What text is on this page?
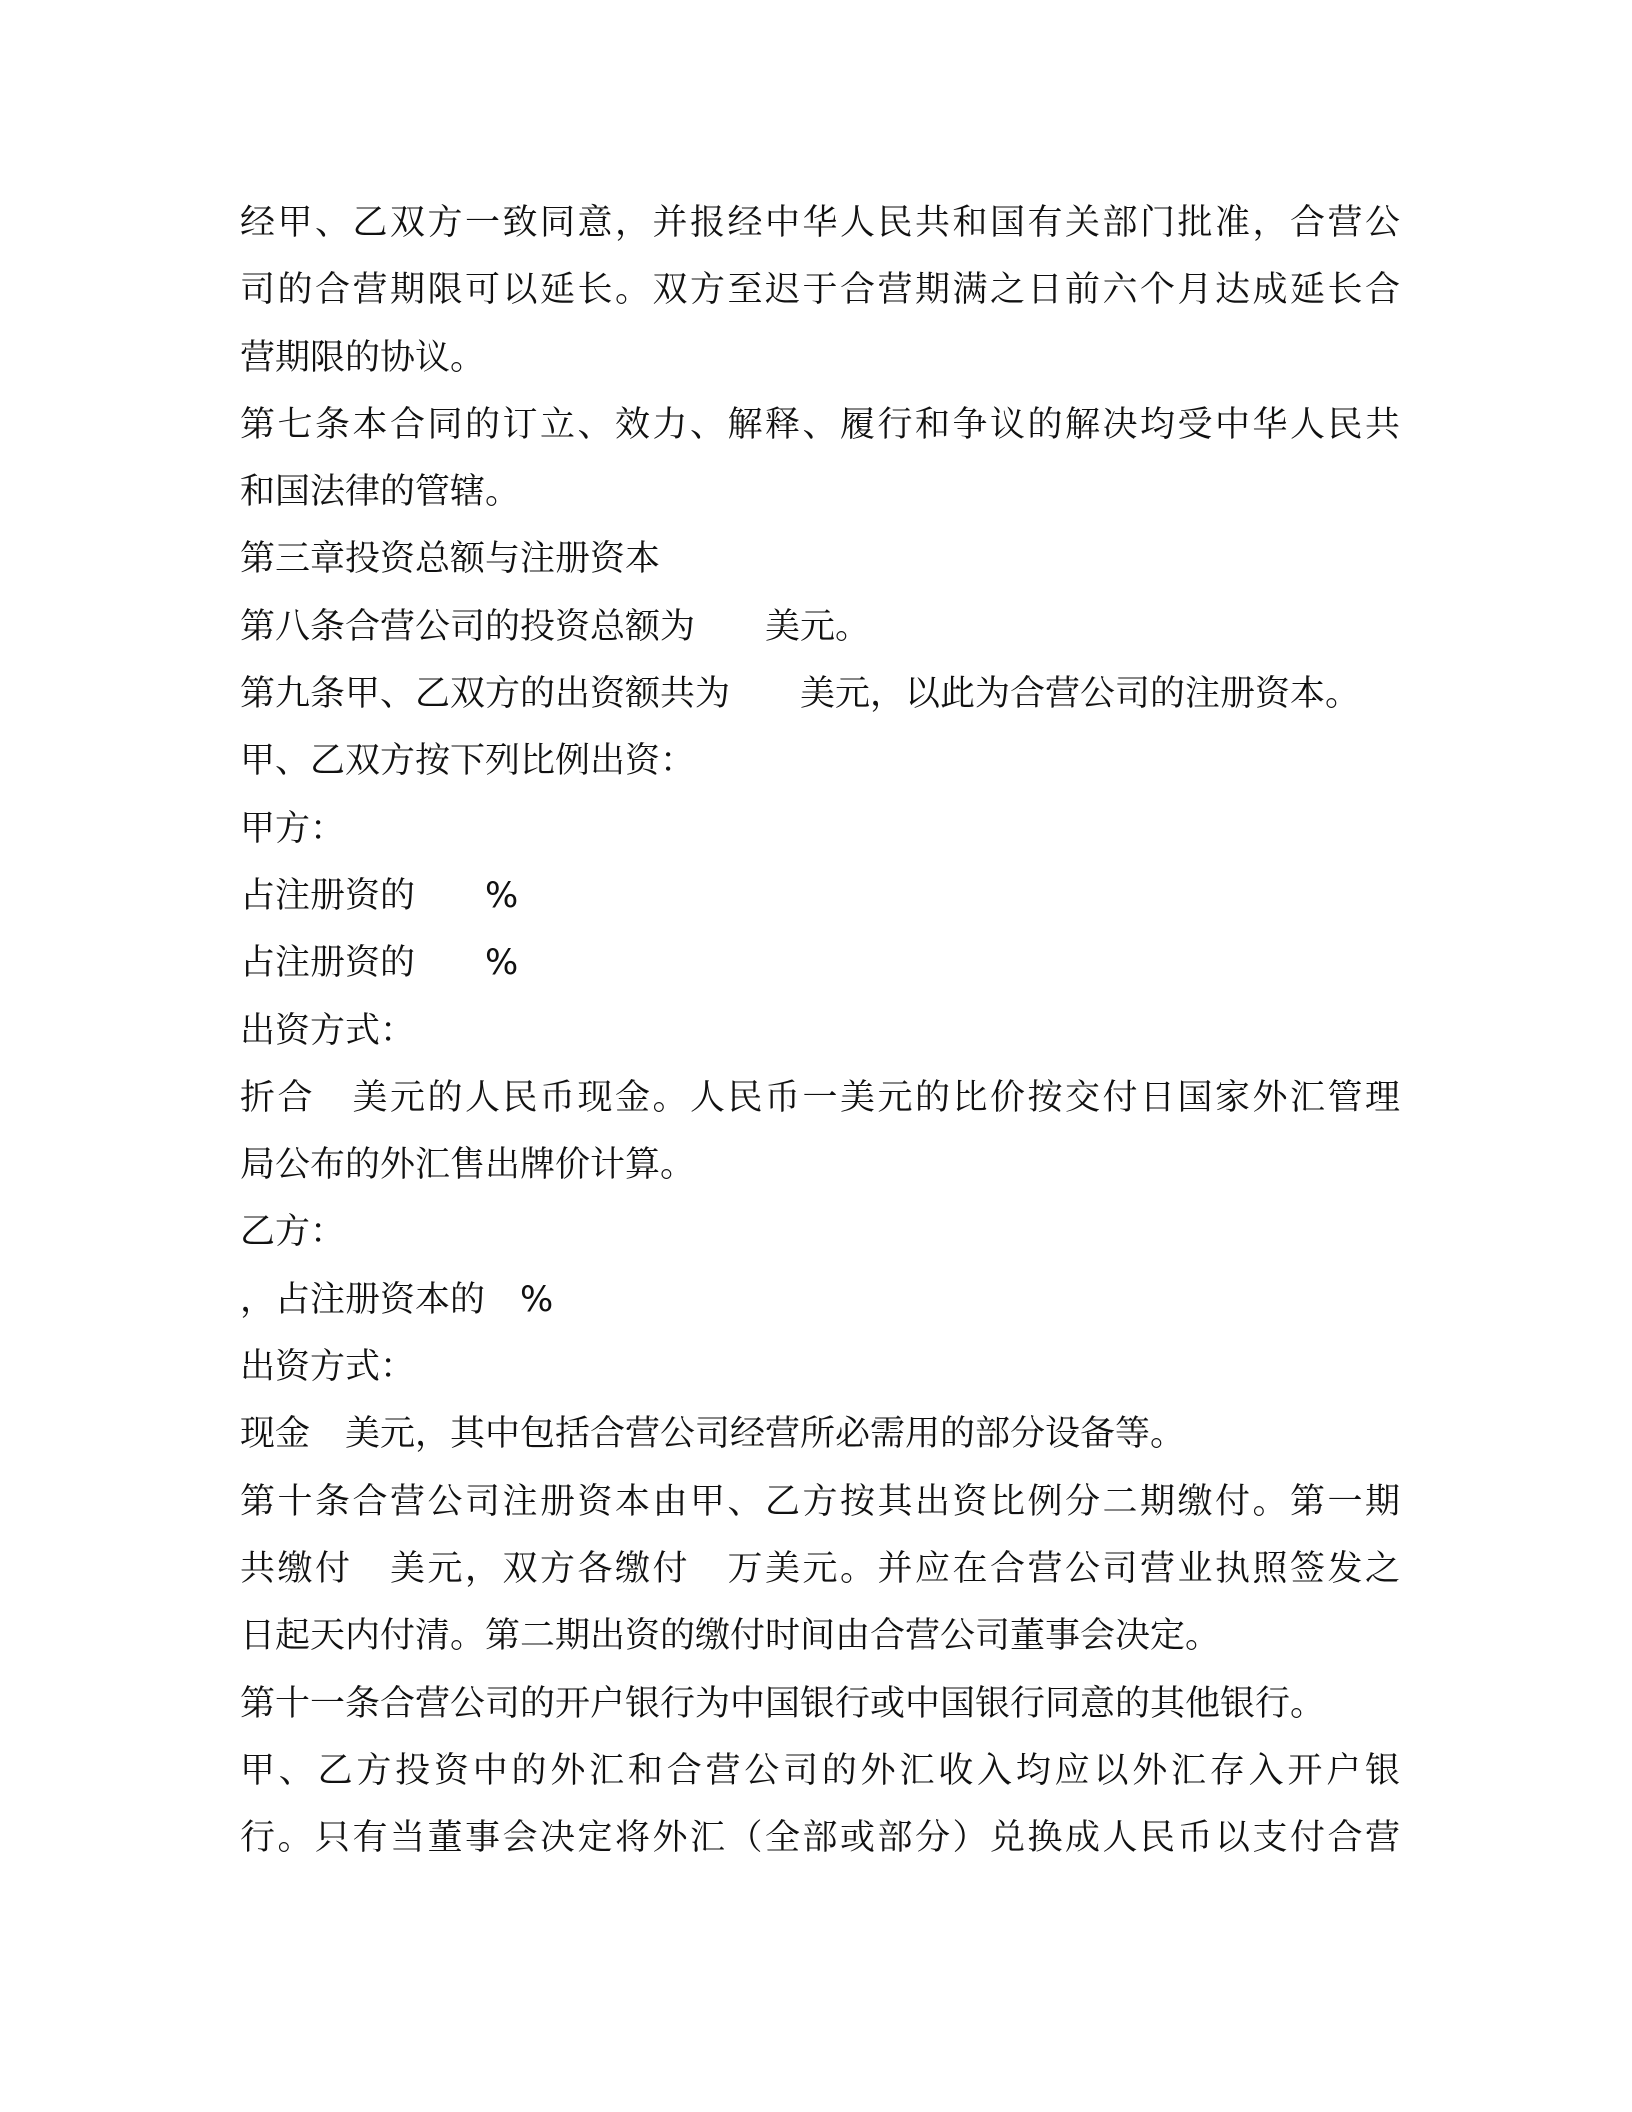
经甲、乙双方一致同意，并报经中华人民共和国有关部门批准，合营公
司的合营期限可以延长。双方至迟于合营期满之日前六个月达成延长合
营期限的协议。
第七条本合同的订立、效力、解释、履行和争议的解决均受中华人民共
和国法律的管辖。
第三章投资总额与注册资本
第八条合营公司的投资总额为　　美元。
第九条甲、乙双方的出资额共为　　美元，以此为合营公司的注册资本。
甲、乙双方按下列比例出资：
甲方：
占注册资的　　%
占注册资的　　%
出资方式：
折合　美元的人民币现金。人民币一美元的比价按交付日国家外汇管理
局公布的外汇售出牌价计算。
乙方：
，占注册资本的　%
出资方式：
现金　美元，其中包括合营公司经营所必需用的部分设备等。
第十条合营公司注册资本由甲、乙方按其出资比例分二期缴付。第一期
共缴付　美元，双方各缴付　万美元。并应在合营公司营业执照签发之
日起天内付清。第二期出资的缴付时间由合营公司董事会决定。
第十一条合营公司的开户银行为中国银行或中国银行同意的其他银行。
甲、乙方投资中的外汇和合营公司的外汇收入均应以外汇存入开户银
行。只有当董事会决定将外汇（全部或部分）兑换成人民币以支付合营
